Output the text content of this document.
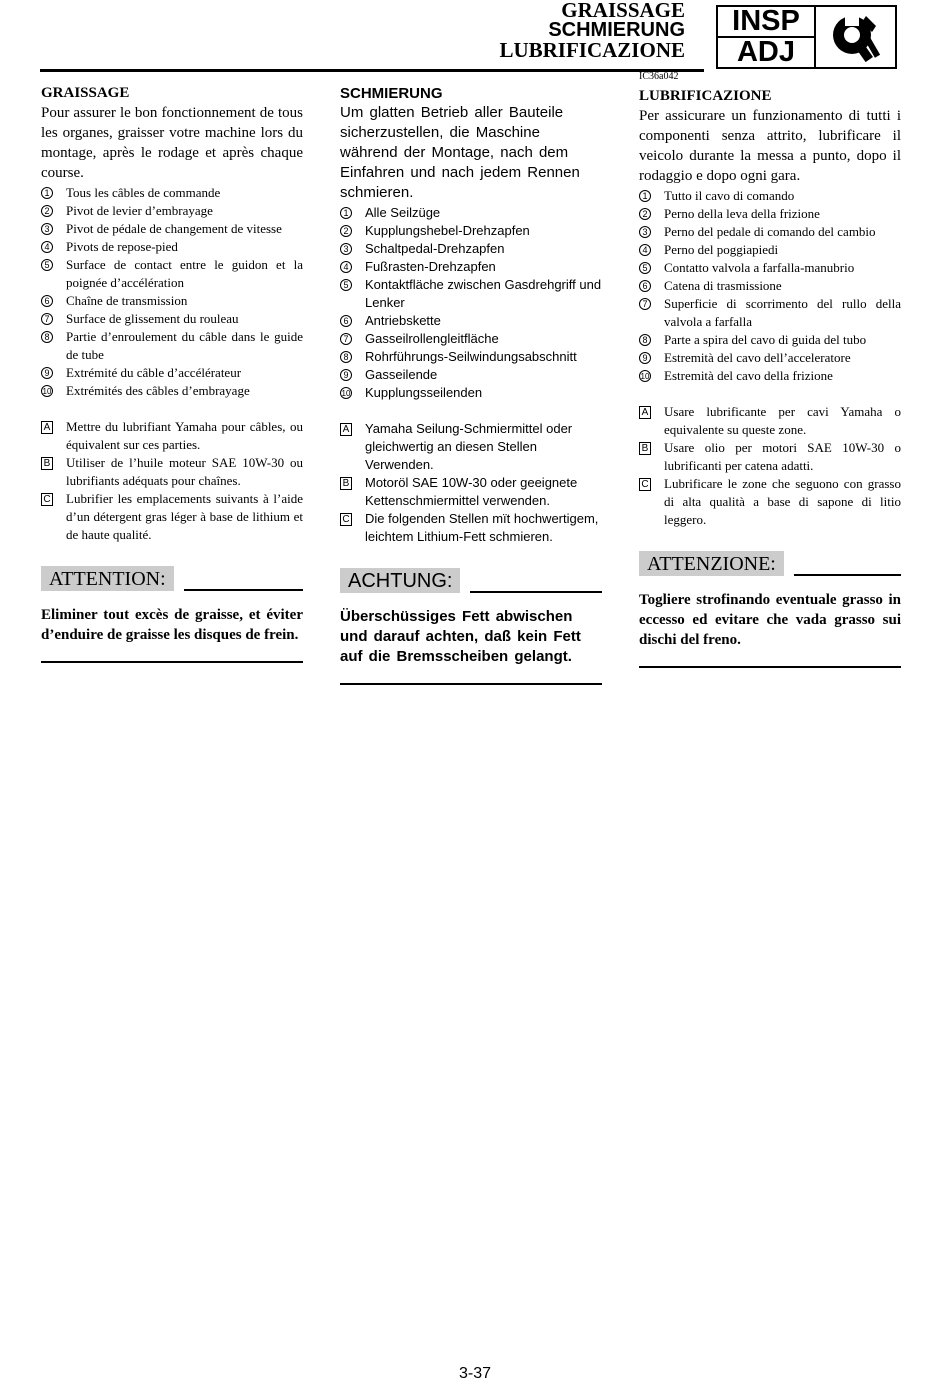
GRAISSAGE
SCHMIERUNG
LUBRIFICAZIONE
INSP
ADJ
IC36a042

GRAISSAGE

Pour assurer le bon fonctionnement de tous les organes, graisser votre machine lors du montage, après le rodage et après chaque course.

1 Tous les câbles de commande
2 Pivot de levier d’embrayage
3 Pivot de pédale de changement de vitesse
4 Pivots de repose-pied
5 Surface de contact entre le guidon et la poignée d’accélération
6 Chaîne de transmission
7 Surface de glissement du rouleau
8 Partie d’enroulement du câble dans le guide de tube
9 Extrémité du câble d’accélérateur
10 Extrémités des câbles d’embrayage
A Mettre du lubrifiant Yamaha pour câbles, ou équivalent sur ces parties.
B Utiliser de l’huile moteur SAE 10W-30 ou lubrifiants adéquats pour chaînes.
C Lubrifier les emplacements suivants à l’aide d’un détergent gras léger à base de lithium et de haute qualité.
ATTENTION:

Eliminer tout excès de graisse, et éviter d’enduire de graisse les disques de frein.

SCHMIERUNG

Um glatten Betrieb aller Bauteile sicherzustellen, die Maschine während der Montage, nach dem Einfahren und nach jedem Rennen schmieren.

1 Alle Seilzüge
2 Kupplungshebel-Drehzapfen
3 Schaltpedal-Drehzapfen
4 Fußrasten-Drehzapfen
5 Kontaktfläche zwischen Gasdrehgriff und Lenker
6 Antriebskette
7 Gasseilrollengleitfläche
8 Rohrführungs-Seilwindungsabschnitt
9 Gasseilende
10 Kupplungsseilenden
A Yamaha Seilung-Schmiermittel oder gleichwertig an diesen Stellen Verwenden.
B Motoröl SAE 10W-30 oder geeignete Kettenschmiermittel verwenden.
C Die folgenden Stellen mït hochwertigem, leichtem Lithium-Fett schmieren.
ACHTUNG:

Überschüssiges Fett abwischen und darauf achten, daß kein Fett auf die Bremsscheiben gelangt.

LUBRIFICAZIONE

Per assicurare un funzionamento di tutti i componenti senza attrito, lubrificare il veicolo durante la messa a punto, dopo il rodaggio e dopo ogni gara.

1 Tutto il cavo di comando
2 Perno della leva della frizione
3 Perno del pedale di comando del cambio
4 Perno del poggiapiedi
5 Contatto valvola a farfalla-manubrio
6 Catena di trasmissione
7 Superficie di scorrimento del rullo della valvola a farfalla
8 Parte a spira del cavo di guida del tubo
9 Estremità del cavo dell’acceleratore
10 Estremità del cavo della frizione
A Usare lubrificante per cavi Yamaha o equivalente su queste zone.
B Usare olio per motori SAE 10W-30 o lubrificanti per catena adatti.
C Lubrificare le zone che seguono con grasso di alta qualità a base di sapone di litio leggero.
ATTENZIONE:

Togliere strofinando eventuale grasso in eccesso ed evitare che vada grasso sui dischi del freno.

3-37
